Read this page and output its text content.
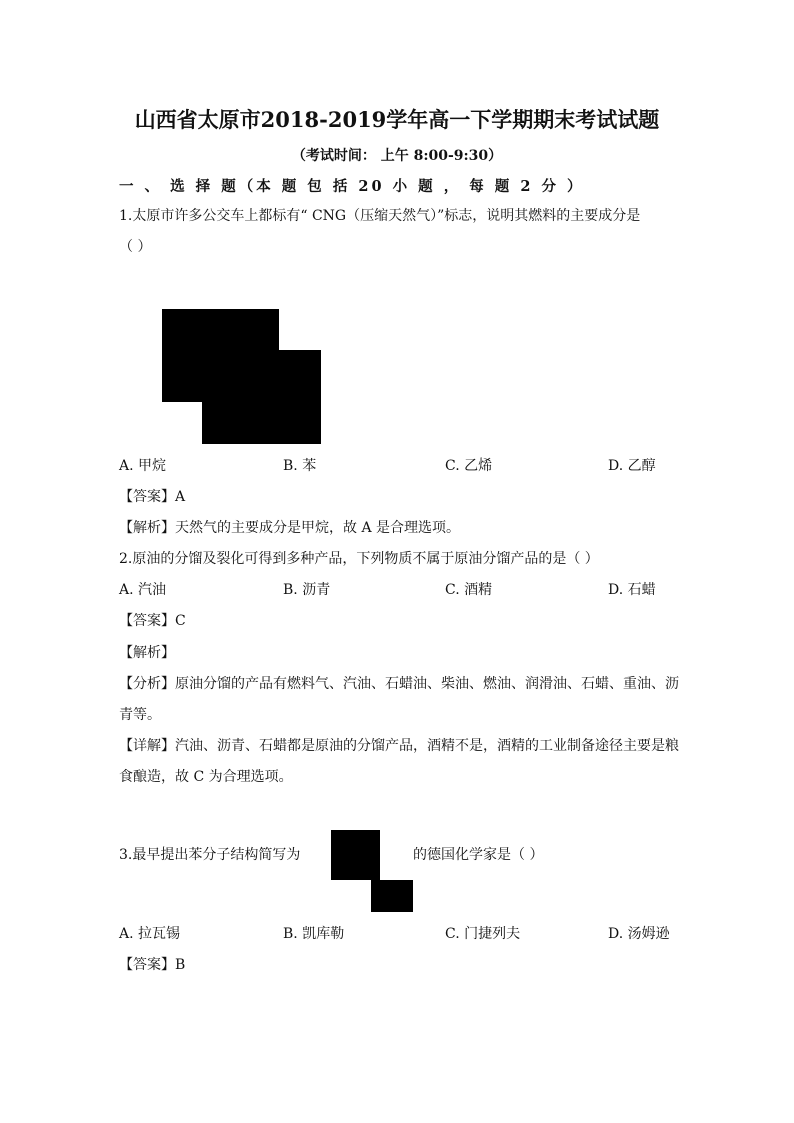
山西省太原市2018-2019学年高一下学期期末考试试题
（考试时间： 上午 8:00-9:30）
一 、 选 择 题（本 题 包 括 20 小 题 ， 每 题 2 分 ）
1.太原市许多公交车上都标有“ CNG（压缩天然气）”标志，说明其燃料的主要成分是
（ ）
A. 甲烷	B. 苯	C. 乙烯	D. 乙醇
【答案】A
【解析】天然气的主要成分是甲烷，故 A 是合理选项。
2.原油的分馏及裂化可得到多种产品，下列物质不属于原油分馏产品的是（ ）
A. 汽油	B. 沥青	C. 酒精	D. 石蜡
【答案】C
【解析】
【分析】原油分馏的产品有燃料气、汽油、石蜡油、柴油、燃油、润滑油、石蜡、重油、沥
青等。
【详解】汽油、沥青、石蜡都是原油的分馏产品，酒精不是，酒精的工业制备途径主要是粮
食酿造，故 C 为合理选项。
3.最早提出苯分子结构简写为	的德国化学家是（ ）
A. 拉瓦锡	B. 凯库勒	C. 门捷列夫	D. 汤姆逊
【答案】B
